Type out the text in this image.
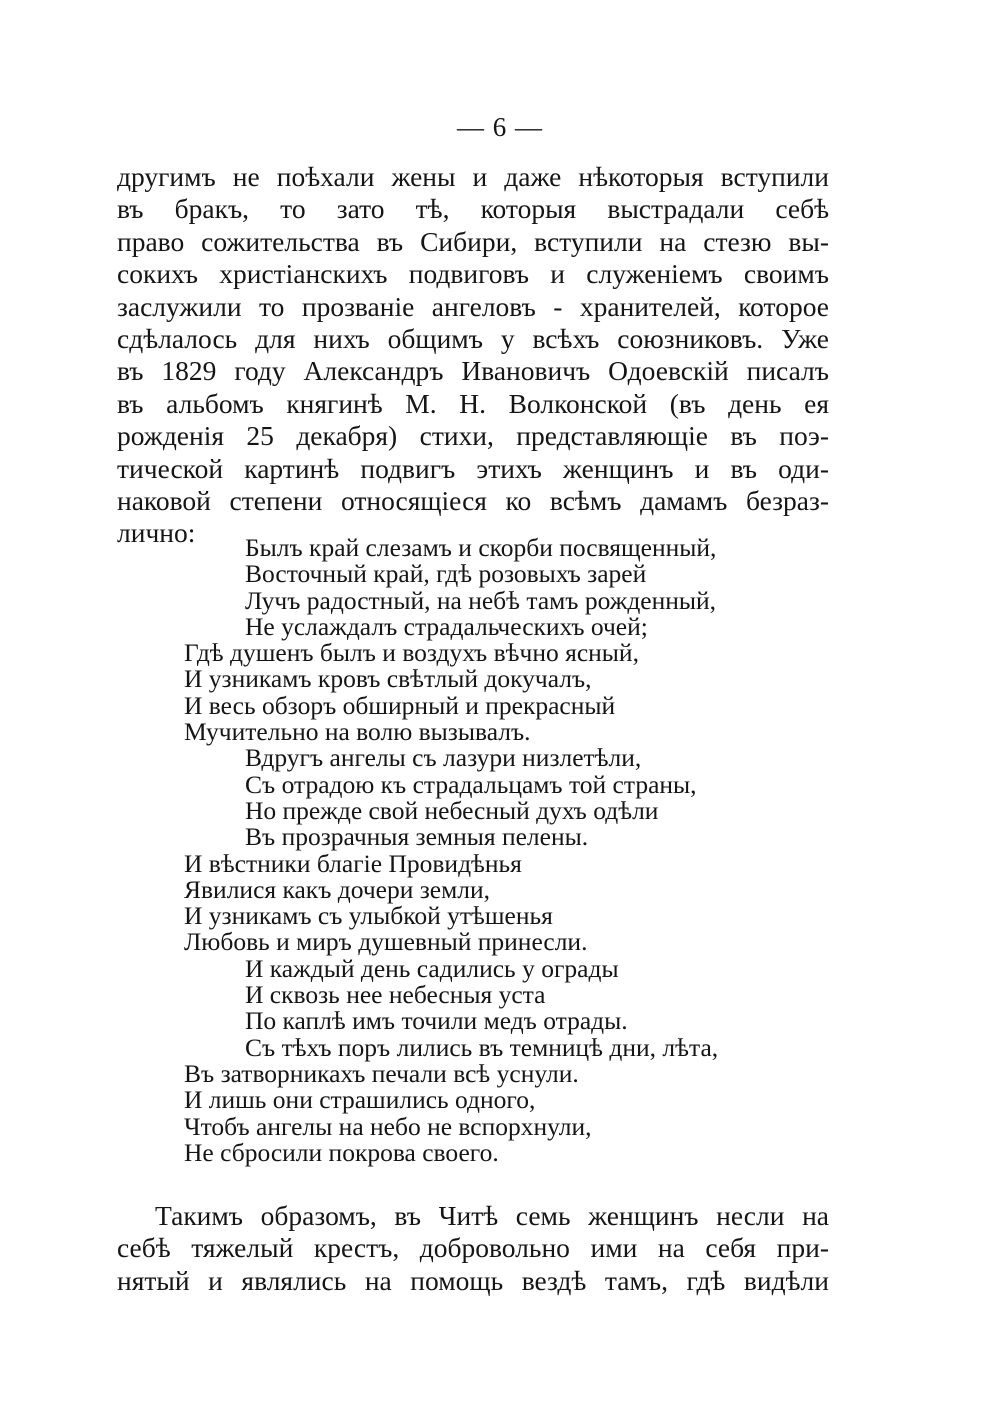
— 6 —
другимъ не поѣхали жены и даже нѣкоторыя вступили
въ бракъ, то зато тѣ, которыя выстрадали себѣ
право сожительства въ Сибири, вступили на стезю вы-
сокихъ христіанскихъ подвиговъ и служеніемъ своимъ
заслужили то прозваніе ангеловъ - хранителей, которое
сдѣлалось для нихъ общимъ у всѣхъ союзниковъ. Уже
въ 1829 году Александръ Ивановичъ Одоевскій писалъ
въ альбомъ княгинѣ М. Н. Волконской (въ день ея
рожденія 25 декабря) стихи, представляющіе въ поэ-
тической картинѣ подвигъ этихъ женщинъ и въ оди-
наковой степени относящіеся ко всѣмъ дамамъ безраз-
лично:	Былъ край слезамъ и скорби посвященный,
Восточный край, гдѣ розовыхъ зарей
Лучъ радостный, на небѣ тамъ рожденный,
Не услаждалъ страдальческихъ очей;
Гдѣ душенъ былъ и воздухъ вѣчно ясный,
И узникамъ кровъ свѣтлый докучалъ,
И весь обзоръ обширный и прекрасный
Мучительно на волю вызывалъ.
Вдругъ ангелы съ лазури низлетѣли,
Съ отрадою къ страдальцамъ той страны,
Но прежде свой небесный духъ одѣли
Въ прозрачныя земныя пелены.
И вѣстники благіе Провидѣнья
Явилися какъ дочери земли,
И узникамъ съ улыбкой утѣшенья
Любовь и миръ душевный принесли.
И каждый день садились у ограды
И сквозь нее небесныя уста
По каплѣ имъ точили медъ отрады.
Съ тѣхъ поръ лились въ темницѣ дни, лѣта,
Въ затворникахъ печали всѣ уснули.
И лишь они страшились одного,
Чтобъ ангелы на небо не вспорхнули,
Не сбросили покрова своего.
Такимъ образомъ, въ Читѣ семь женщинъ несли на
себѣ тяжелый крестъ, добровольно ими на себя при-
нятый и являлись на помощь вездѣ тамъ, гдѣ видѣли
